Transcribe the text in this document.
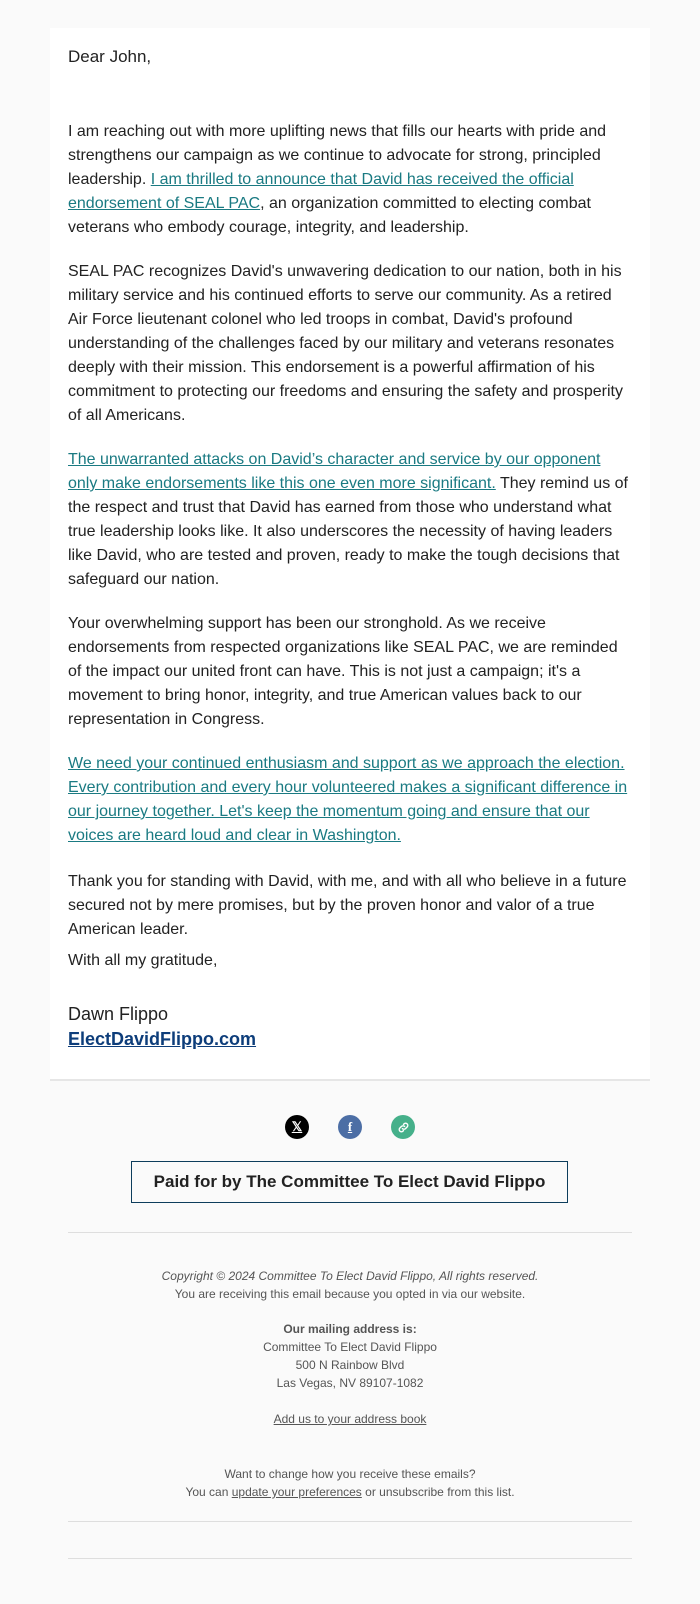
Dear John,

I am reaching out with more uplifting news that fills our hearts with pride and strengthens our campaign as we continue to advocate for strong, principled leadership. I am thrilled to announce that David has received the official endorsement of SEAL PAC, an organization committed to electing combat veterans who embody courage, integrity, and leadership.

SEAL PAC recognizes David's unwavering dedication to our nation, both in his military service and his continued efforts to serve our community. As a retired Air Force lieutenant colonel who led troops in combat, David's profound understanding of the challenges faced by our military and veterans resonates deeply with their mission. This endorsement is a powerful affirmation of his commitment to protecting our freedoms and ensuring the safety and prosperity of all Americans.

The unwarranted attacks on David’s character and service by our opponent only make endorsements like this one even more significant. They remind us of the respect and trust that David has earned from those who understand what true leadership looks like. It also underscores the necessity of having leaders like David, who are tested and proven, ready to make the tough decisions that safeguard our nation.

Your overwhelming support has been our stronghold. As we receive endorsements from respected organizations like SEAL PAC, we are reminded of the impact our united front can have. This is not just a campaign; it's a movement to bring honor, integrity, and true American values back to our representation in Congress.

We need your continued enthusiasm and support as we approach the election. Every contribution and every hour volunteered makes a significant difference in our journey together. Let's keep the momentum going and ensure that our voices are heard loud and clear in Washington.

Thank you for standing with David, with me, and with all who believe in a future secured not by mere promises, but by the proven honor and valor of a true American leader.

With all my gratitude,
Dawn Flippo
ElectDavidFlippo.com
𝕏	f
Paid for by The Committee To Elect David Flippo
Copyright © 2024 Committee To Elect David Flippo, All rights reserved.
You are receiving this email because you opted in via our website.
Our mailing address is:
Committee To Elect David Flippo
500 N Rainbow Blvd
Las Vegas, NV 89107-1082
Add us to your address book
Want to change how you receive these emails?
You can update your preferences or unsubscribe from this list.
